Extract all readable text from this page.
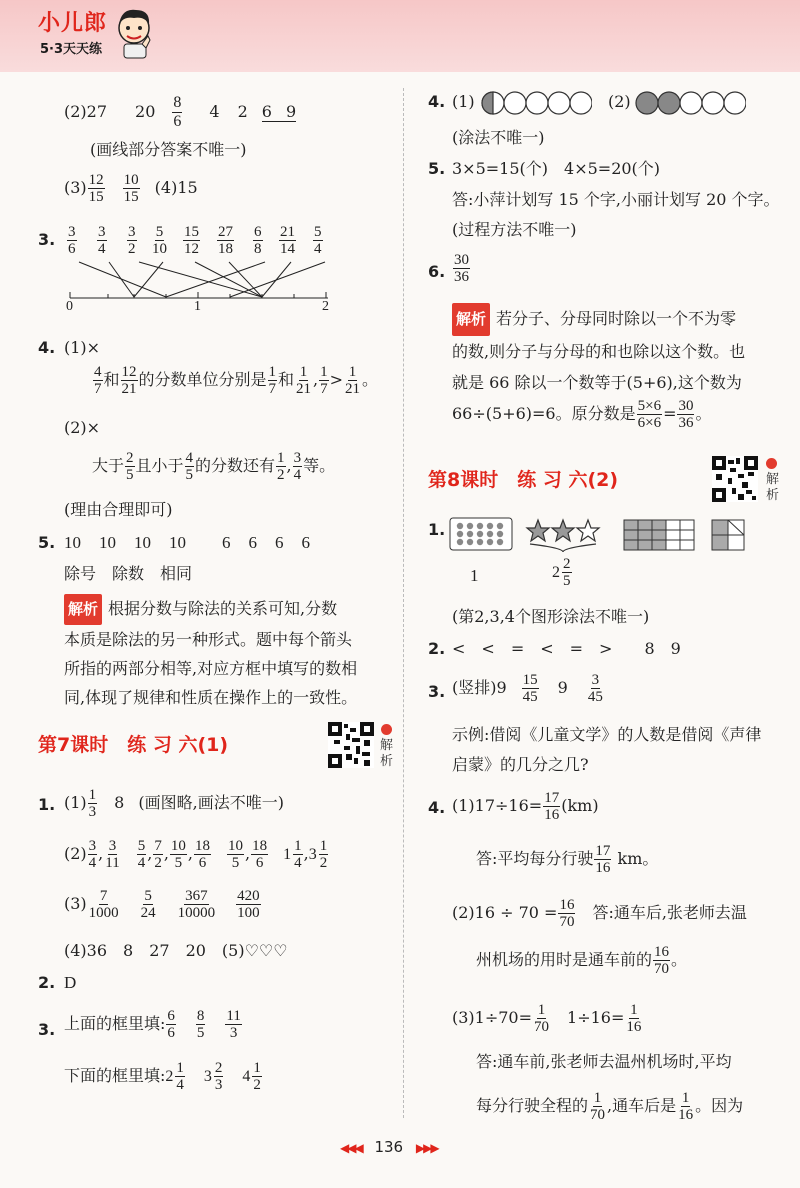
小儿郎
5·3天天练
(2)27 $20 \frac{8}{6} 4$ 2 6 9
(画线部分答案不唯一)
$(3) \frac{12}{15} \frac{10}{15} (4)15$
3. $\frac{3}{6} \frac{3}{4} \frac{3}{2} \frac{5}{10} \frac{15}{12} \frac{27}{18} \frac{6}{8} \frac{21}{14} \frac{5}{4}$
0	1	2
4. (1)×
$\frac{4}{7}$ 和 $\frac{12}{21}$ 的分数单位分别是 $\frac{1}{7}$ 和 $\frac{1}{21}$ , $\frac{1}{7} > \frac{1}{21}$ 。
(2)×
大于 $\frac{2}{5}$ 且小于 $\frac{4}{5}$ 的分数还有 $\frac{1}{2}$ , $\frac{3}{4}$ 等。
(理由合理即可)
5. 10 10 10 10 6 6 6 6
除号 除数 相同
解析 根据分数与除法的关系可知,分数
本质是除法的另一种形式。题中每个箭头
所指的两部分相等,对应方框中填写的数相
同,体现了规律和性质在操作上的一致性。
第7课时　练 习 六(1)	解
析
1. $(1) \frac{1}{3} 8$ (画图略,画法不唯一)
$(2) \frac{3}{4}$ , $\frac{3}{11} \frac{5}{4}$ , $\frac{7}{2}$ , $\frac{10}{5}$ , $\frac{18}{6} \frac{10}{5}$ , $\frac{18}{6} 1 \frac{1}{4}$ , $3 \frac{1}{2}$
$(3) \frac{7}{1000} \frac{5}{24} \frac{367}{10000} \frac{420}{100}$
(4)36　8　27　20　(5)♡♡♡
2. D
3. 上面的框里填: $\frac{6}{6} \frac{8}{5} \frac{11}{3}$
下面的框里填: $2 \frac{1}{4} 3 \frac{2}{3} 4 \frac{1}{2}$
4. (1)	(2)
(涂法不唯一)
5. 3×5=15(个)　4×5=20(个)
答:小萍计划写 15 个字,小丽计划写 20 个字。
(过程方法不唯一)
6. $\frac{30}{36}$
解析 若分子、分母同时除以一个不为零
的数,则分子与分母的和也除以这个数。也
就是 66 除以一个数等于(5+6),这个数为
66÷(5+6)=6。原分数是 $\frac{5\times 6}{6\times 6} = \frac{30}{36}$ 。
第8课时　练 习 六(2)	解
析
1.
1	$2 \frac{2}{5}$
(第2,3,4个图形涂法不唯一)
2. <　<　=　<　=　>　　8　9
3. (竖排)$9 \frac{15}{45} 9 \frac{3}{45}$
示例:借阅《儿童文学》的人数是借阅《声律
启蒙》的几分之几?
4. $(1)17\div 16= \frac{17}{16} (km)$
答:平均每分行驶 $\frac{17}{16}$ km。
$(2)16 \div 70 = \frac{16}{70}$ 　答:通车后,张老师去温
州机场的用时是通车前的 $\frac{16}{70}$ 。
$(3)1\div 70= \frac{1}{70}$ 　$1\div 16= \frac{1}{16}$
答:通车前,张老师去温州机场时,平均
每分行驶全程的 $\frac{1}{70}$ ,通车后是 $\frac{1}{16}$ 。因为
◀◀◀ 136 ▶▶▶
